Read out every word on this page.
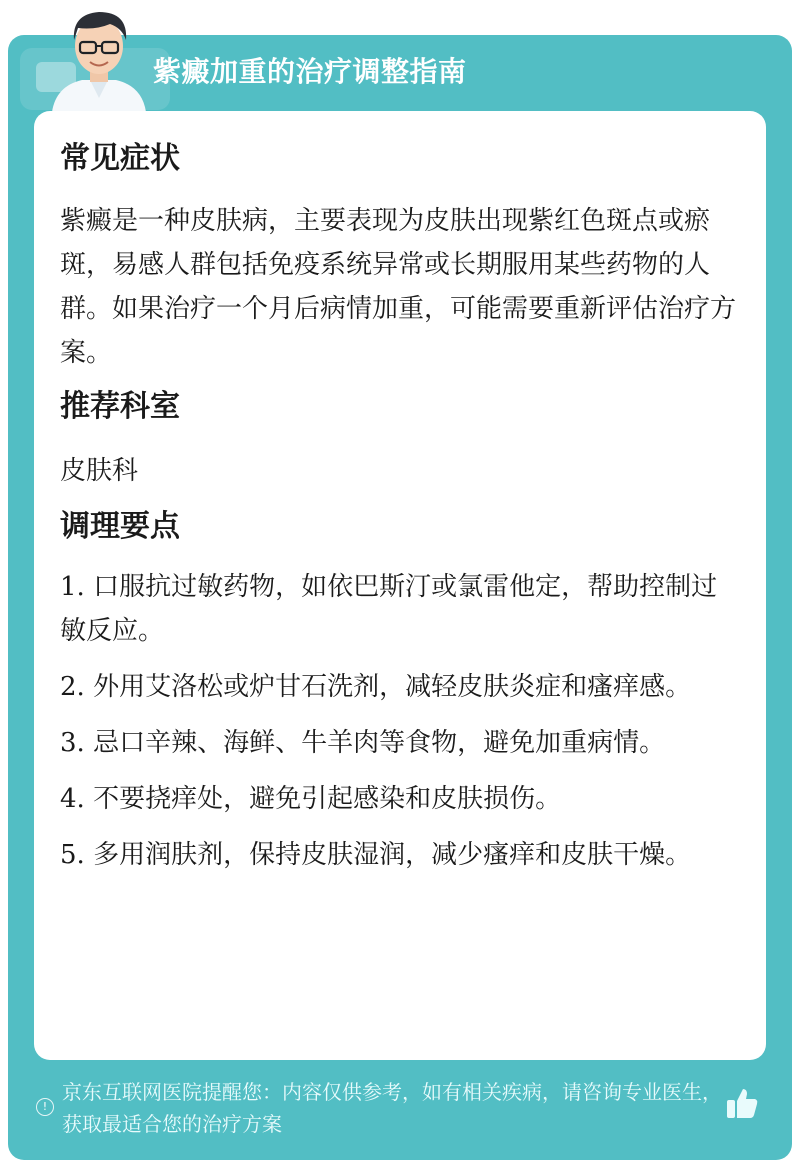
紫癜加重的治疗调整指南
常见症状

紫癜是一种皮肤病，主要表现为皮肤出现紫红色斑点或瘀斑，易感人群包括免疫系统异常或长期服用某些药物的人群。如果治疗一个月后病情加重，可能需要重新评估治疗方案。

推荐科室

皮肤科

调理要点

1. 口服抗过敏药物，如依巴斯汀或氯雷他定，帮助控制过敏反应。

2. 外用艾洛松或炉甘石洗剂，减轻皮肤炎症和瘙痒感。

3. 忌口辛辣、海鲜、牛羊肉等食物，避免加重病情。

4. 不要挠痒处，避免引起感染和皮肤损伤。

5. 多用润肤剂，保持皮肤湿润，减少瘙痒和皮肤干燥。

!
京东互联网医院提醒您：内容仅供参考，如有相关疾病，请咨询专业医生，获取最适合您的治疗方案
